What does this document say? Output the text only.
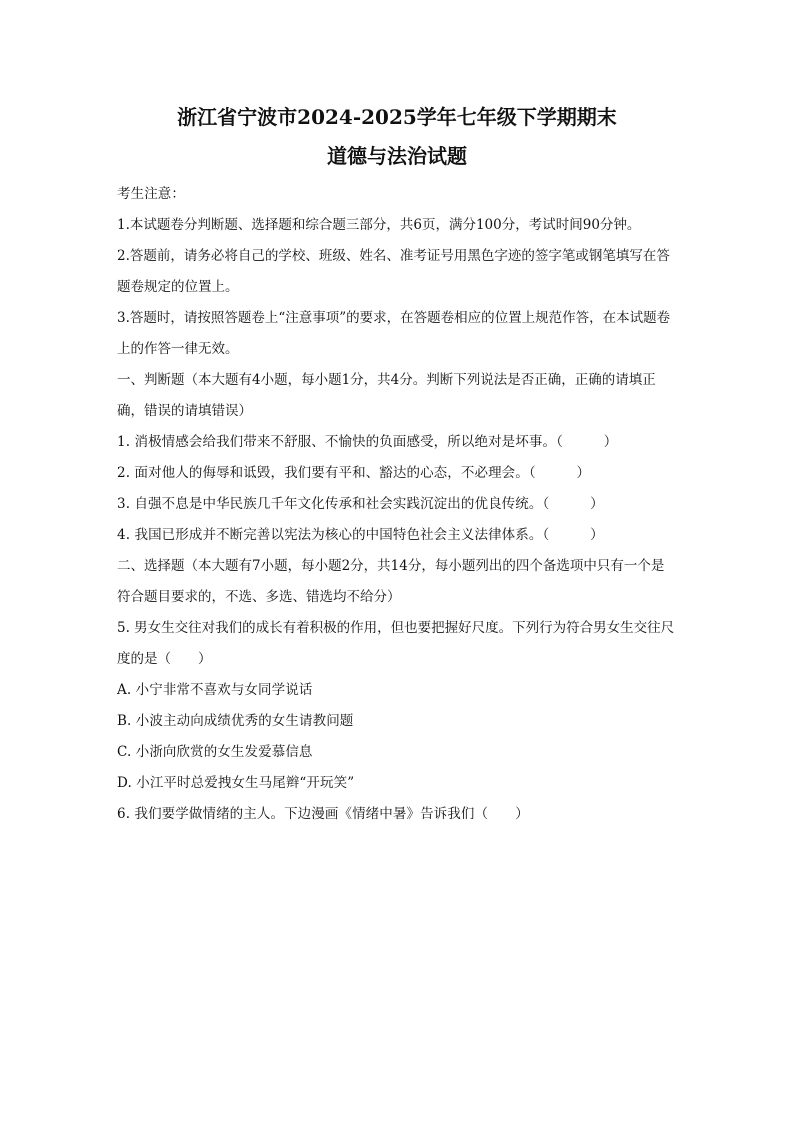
浙江省宁波市2024-2025学年七年级下学期期末
道德与法治试题

考生注意：

1.本试题卷分判断题、选择题和综合题三部分，共6页，满分100分，考试时间90分钟。

2.答题前，请务必将自己的学校、班级、姓名、准考证号用黑色字迹的签字笔或钢笔填写在答题卷规定的位置上。

3.答题时，请按照答题卷上“注意事项”的要求，在答题卷相应的位置上规范作答，在本试题卷上的作答一律无效。

一、判断题（本大题有4小题，每小题1分，共4分。判断下列说法是否正确，正确的请填正确，错误的请填错误）

1. 消极情感会给我们带来不舒服、不愉快的负面感受，所以绝对是坏事。（　　　）

2. 面对他人的侮辱和诋毁，我们要有平和、豁达的心态，不必理会。（　　　）

3. 自强不息是中华民族几千年文化传承和社会实践沉淀出的优良传统。（　　　）

4. 我国已形成并不断完善以宪法为核心的中国特色社会主义法律体系。（　　　）

二、选择题（本大题有7小题，每小题2分，共14分，每小题列出的四个备选项中只有一个是符合题目要求的，不选、多选、错选均不给分）

5. 男女生交往对我们的成长有着积极的作用，但也要把握好尺度。下列行为符合男女生交往尺度的是（　　）

A. 小宁非常不喜欢与女同学说话

B. 小波主动向成绩优秀的女生请教问题

C. 小浙向欣赏的女生发爱慕信息

D. 小江平时总爱拽女生马尾辫“开玩笑”

6. 我们要学做情绪的主人。下边漫画《情绪中暑》告诉我们（　　）
